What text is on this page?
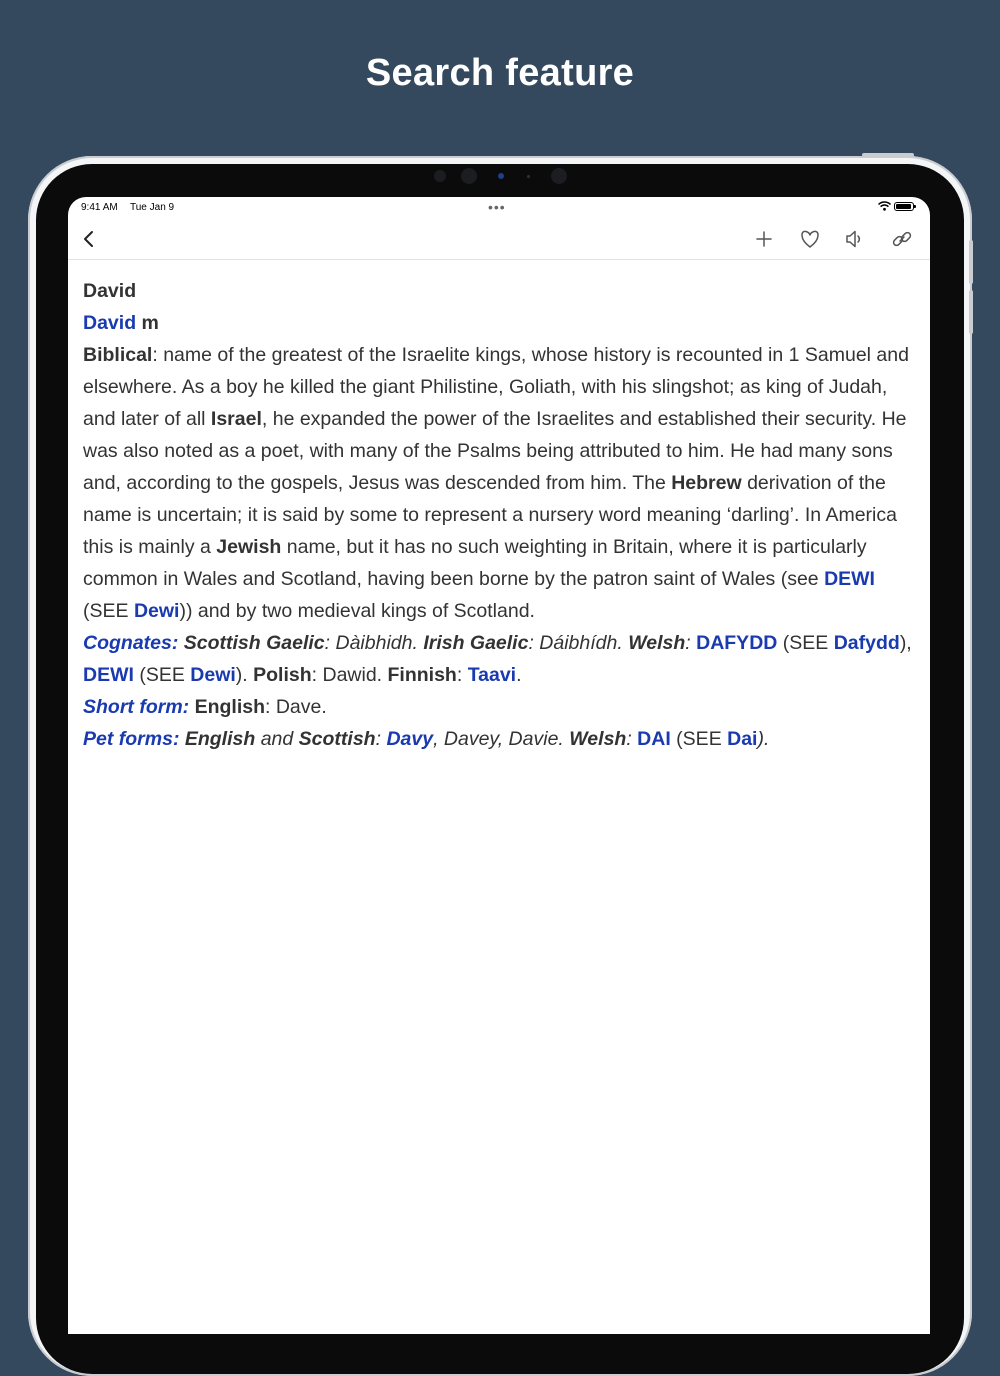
Search feature
9:41 AM Tue Jan 9	•••

David

David m

Biblical: name of the greatest of the Israelite kings, whose history is recounted in 1 Samuel and elsewhere. As a boy he killed the giant Philistine, Goliath, with his slingshot; as king of Judah, and later of all Israel, he expanded the power of the Israelites and established their security. He was also noted as a poet, with many of the Psalms being attributed to him. He had many sons and, according to the gospels, Jesus was descended from him. The Hebrew derivation of the name is uncertain; it is said by some to represent a nursery word meaning ‘darling’. In America this is mainly a Jewish name, but it has no such weighting in Britain, where it is particularly common in Wales and Scotland, having been borne by the patron saint of Wales (see DEWI (SEE Dewi)) and by two medieval kings of Scotland.

Cognates: Scottish Gaelic: Dàibhidh. Irish Gaelic: Dáibhídh. Welsh: DAFYDD (SEE Dafydd), DEWI (SEE Dewi). Polish: Dawid. Finnish: Taavi.

Short form: English: Dave.

Pet forms: English and Scottish: Davy, Davey, Davie. Welsh: DAI (SEE Dai).
